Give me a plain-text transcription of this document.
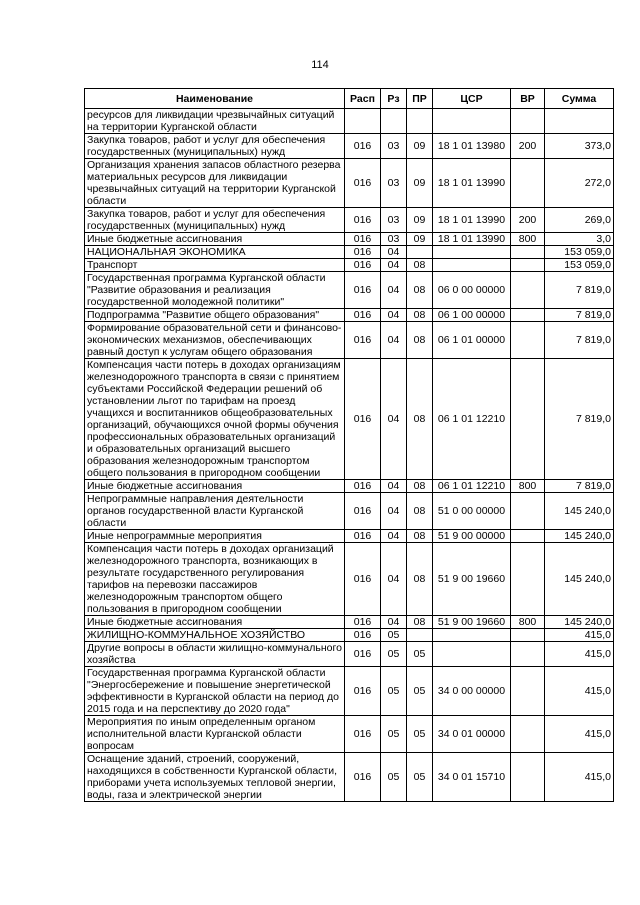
114
Наименование	Расп	Рз	ПР	ЦСР	ВР	Сумма
ресурсов для ликвидации чрезвычайных ситуаций на территории Курганской области						
Закупка товаров, работ и услуг для обеспечения государственных (муниципальных) нужд	016	03	09	18 1 01 13980	200	373,0
Организация хранения запасов областного резерва материальных ресурсов для ликвидации чрезвычайных ситуаций на территории Курганской области	016	03	09	18 1 01 13990		272,0
Закупка товаров, работ и услуг для обеспечения государственных (муниципальных) нужд	016	03	09	18 1 01 13990	200	269,0
Иные бюджетные ассигнования	016	03	09	18 1 01 13990	800	3,0
НАЦИОНАЛЬНАЯ ЭКОНОМИКА	016	04				153 059,0
Транспорт	016	04	08			153 059,0
Государственная программа Курганской области "Развитие образования и реализация государственной молодежной политики"	016	04	08	06 0 00 00000		7 819,0
Подпрограмма "Развитие общего образования"	016	04	08	06 1 00 00000		7 819,0
Формирование образовательной сети и финансово-экономических механизмов, обеспечивающих равный доступ к услугам общего образования	016	04	08	06 1 01 00000		7 819,0
Компенсация части потерь в доходах организациям железнодорожного транспорта в связи с принятием субъектами Российской Федерации решений об установлении льгот по тарифам на проезд учащихся и воспитанников общеобразовательных организаций, обучающихся очной формы обучения профессиональных образовательных организаций и образовательных организаций высшего образования железнодорожным транспортом общего пользования в пригородном сообщении	016	04	08	06 1 01 12210		7 819,0
Иные бюджетные ассигнования	016	04	08	06 1 01 12210	800	7 819,0
Непрограммные направления деятельности органов государственной власти Курганской области	016	04	08	51 0 00 00000		145 240,0
Иные непрограммные мероприятия	016	04	08	51 9 00 00000		145 240,0
Компенсация части потерь в доходах организаций железнодорожного транспорта, возникающих в результате государственного регулирования тарифов на перевозки пассажиров железнодорожным транспортом общего пользования в пригородном сообщении	016	04	08	51 9 00 19660		145 240,0
Иные бюджетные ассигнования	016	04	08	51 9 00 19660	800	145 240,0
ЖИЛИЩНО-КОММУНАЛЬНОЕ ХОЗЯЙСТВО	016	05				415,0
Другие вопросы в области жилищно-коммунального хозяйства	016	05	05			415,0
Государственная программа Курганской области "Энергосбережение и повышение энергетической эффективности в Курганской области на период до 2015 года и на перспективу до 2020 года"	016	05	05	34 0 00 00000		415,0
Мероприятия по иным определенным органом исполнительной власти Курганской области вопросам	016	05	05	34 0 01 00000		415,0
Оснащение зданий, строений, сооружений, находящихся в собственности Курганской области, приборами учета используемых тепловой энергии, воды, газа и электрической энергии	016	05	05	34 0 01 15710		415,0
